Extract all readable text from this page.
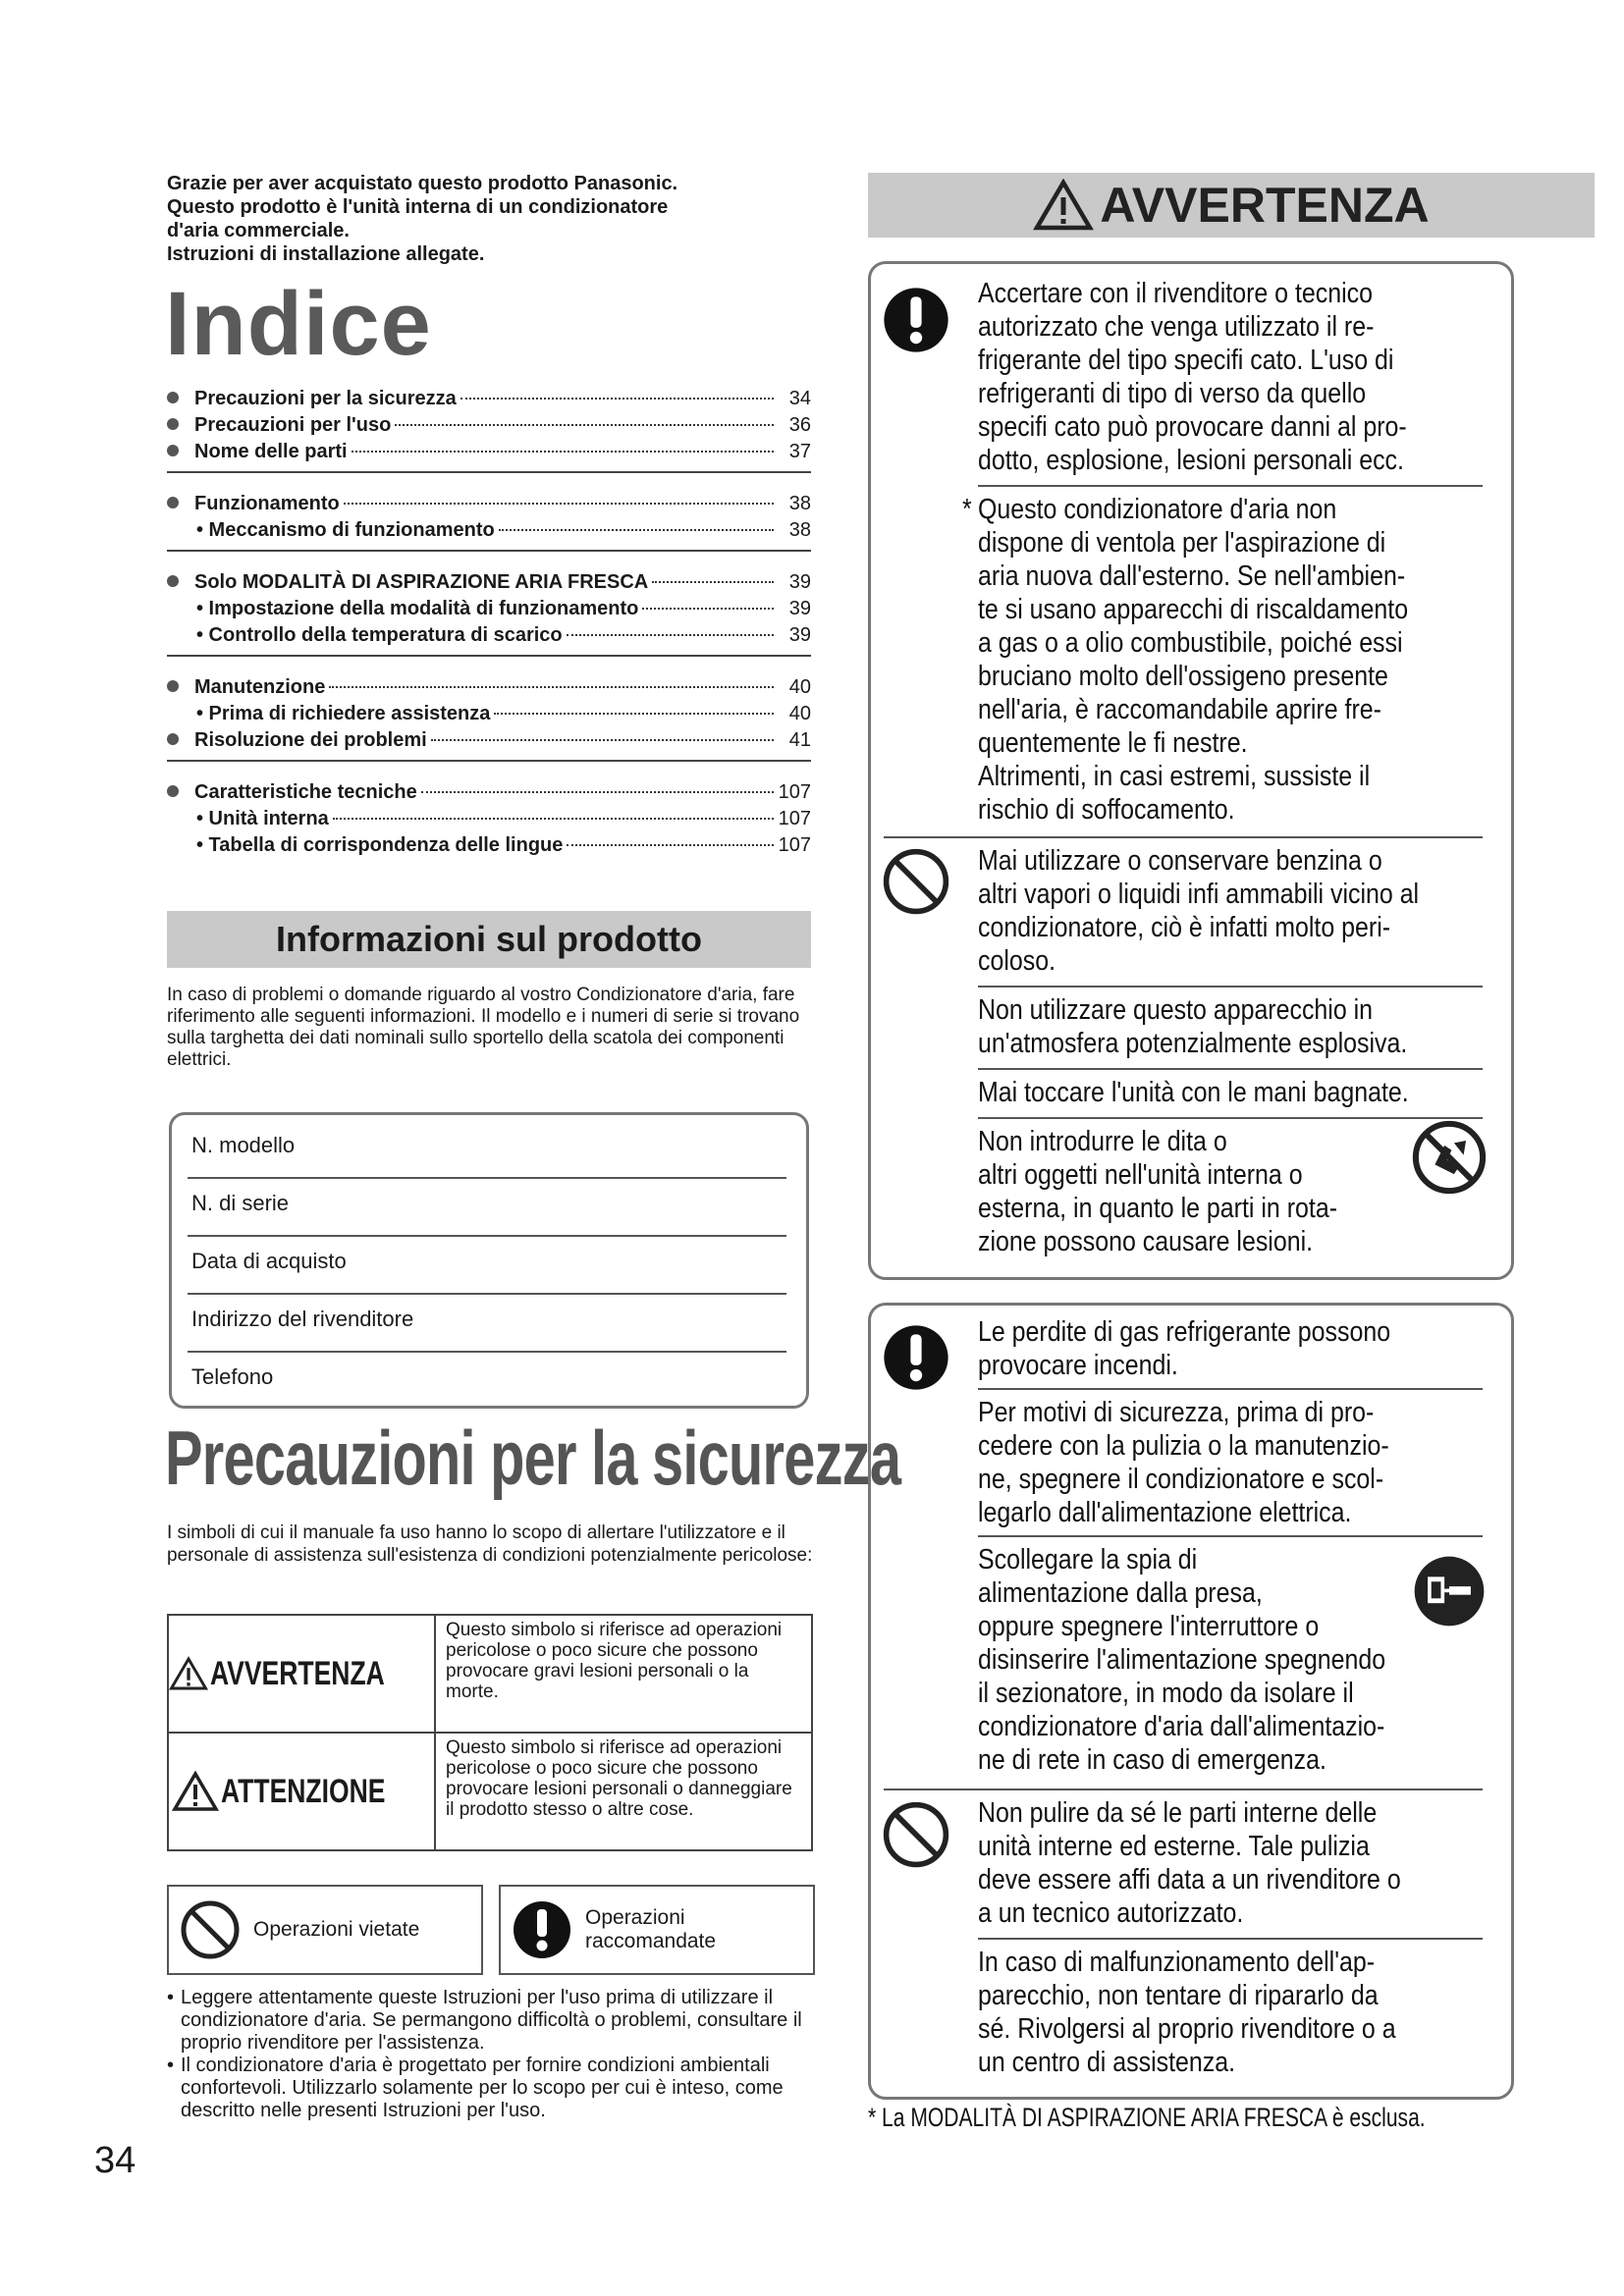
Grazie per aver acquistato questo prodotto Panasonic.
Questo prodotto è l'unità interna di un condizionatore
d'aria commerciale.
Istruzioni di installazione allegate.
Indice
Precauzioni per la sicurezza	34
Precauzioni per l'uso	36
Nome delle parti	37
Funzionamento	38
• Meccanismo di funzionamento	38
Solo MODALITÀ DI ASPIRAZIONE ARIA FRESCA	39
• Impostazione della modalità di funzionamento	39
• Controllo della temperatura di scarico	39
Manutenzione	40
• Prima di richiedere assistenza	40
Risoluzione dei problemi	41
Caratteristiche tecniche	107
• Unità interna	107
• Tabella di corrispondenza delle lingue	107
Informazioni sul prodotto
In caso di problemi o domande riguardo al vostro Condizionatore d'aria, fare riferimento alle seguenti informazioni. Il modello e i numeri di serie si trovano sulla targhetta dei dati nominali sullo sportello della scatola dei componenti elettrici.
N. modello
N. di serie
Data di acquisto
Indirizzo del rivenditore
Telefono
Precauzioni per la sicurezza
I simboli di cui il manuale fa uso hanno lo scopo di allertare l'utilizzatore e il personale di assistenza sull'esistenza di condizioni potenzialmente pericolose:
AVVERTENZA
Questo simbolo si riferisce ad operazioni pericolose o poco sicure che possono provocare gravi lesioni personali o la morte.
ATTENZIONE
Questo simbolo si riferisce ad operazioni pericolose o poco sicure che possono provocare lesioni personali o danneggiare il prodotto stesso o altre cose.
Operazioni vietate
Operazioni raccomandate
• Leggere attentamente queste Istruzioni per l'uso prima di utilizzare il condizionatore d'aria. Se permangono difficoltà o problemi, consultare il proprio rivenditore per l'assistenza.
• Il condizionatore d'aria è progettato per fornire condizioni ambientali confortevoli. Utilizzarlo solamente per lo scopo per cui è inteso, come descritto nelle presenti Istruzioni per l'uso.
34
AVVERTENZA
Accertare con il rivenditore o tecnico
autorizzato che venga utilizzato il re-
frigerante del tipo specifi cato. L'uso di
refrigeranti di tipo di verso da quello
specifi cato può provocare danni al pro-
dotto, esplosione, lesioni personali ecc.
* Questo condizionatore d'aria non
dispone di ventola per l'aspirazione di
aria nuova dall'esterno. Se nell'ambien-
te si usano apparecchi di riscaldamento
a gas o a olio combustibile, poiché essi
bruciano molto dell'ossigeno presente
nell'aria, è raccomandabile aprire fre-
quentemente le fi nestre.
Altrimenti, in casi estremi, sussiste il
rischio di soffocamento.
Mai utilizzare o conservare benzina o
altri vapori o liquidi infi ammabili vicino al
condizionatore, ciò è infatti molto peri-
coloso.
Non utilizzare questo apparecchio in
un'atmosfera potenzialmente esplosiva.
Mai toccare l'unità con le mani bagnate.
Non introdurre le dita o
altri oggetti nell'unità interna o
esterna, in quanto le parti in rota-
zione possono causare lesioni.
Le perdite di gas refrigerante possono
provocare incendi.
Per motivi di sicurezza, prima di pro-
cedere con la pulizia o la manutenzio-
ne, spegnere il condizionatore e scol-
legarlo dall'alimentazione elettrica.
Scollegare la spia di
alimentazione dalla presa,
oppure spegnere l'interruttore o
disinserire l'alimentazione spegnendo
il sezionatore, in modo da isolare il
condizionatore d'aria dall'alimentazio-
ne di rete in caso di emergenza.
Non pulire da sé le parti interne delle
unità interne ed esterne. Tale pulizia
deve essere affi data a un rivenditore o
a un tecnico autorizzato.
In caso di malfunzionamento dell'ap-
parecchio, non tentare di ripararlo da
sé. Rivolgersi al proprio rivenditore o a
un centro di assistenza.
* La MODALITÀ DI ASPIRAZIONE ARIA FRESCA è esclusa.
